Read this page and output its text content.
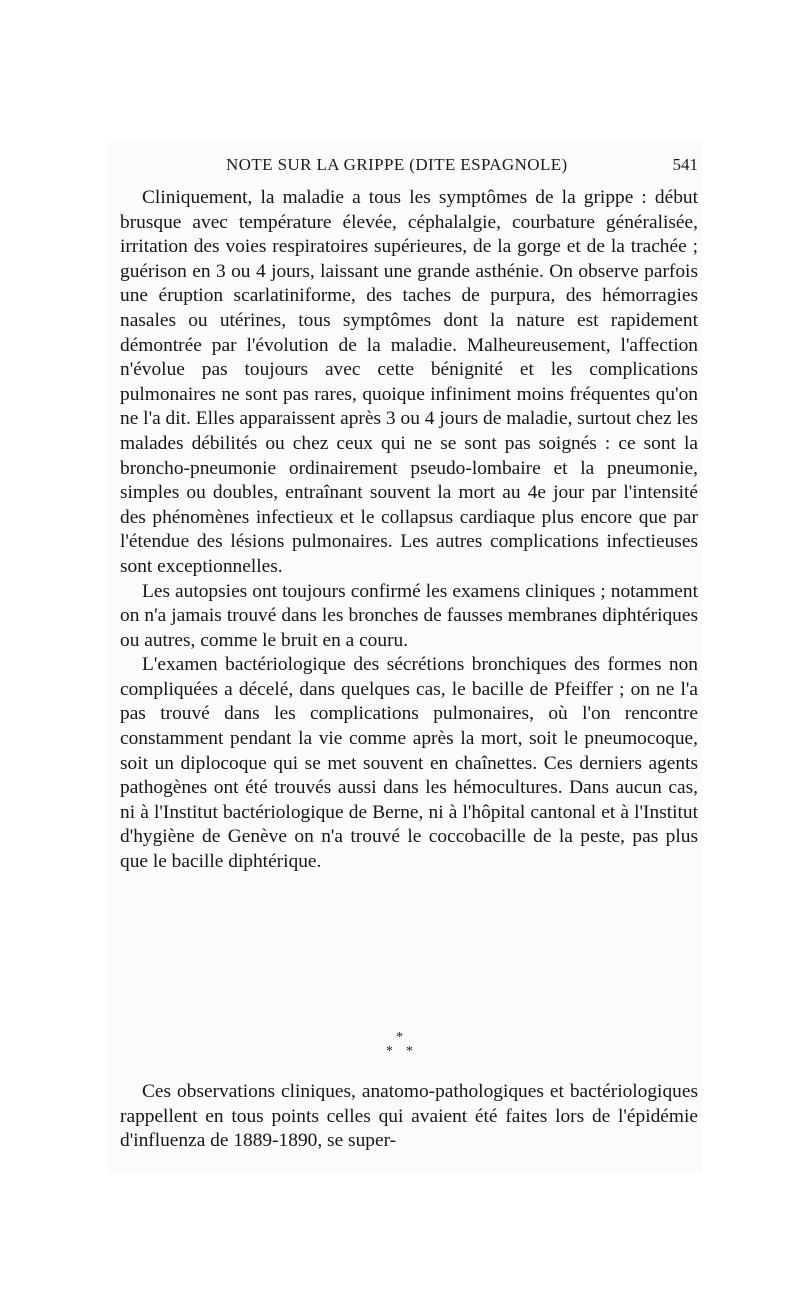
NOTE SUR LA GRIPPE (DITE ESPAGNOLE)	541

Cliniquement, la maladie a tous les symptômes de la grippe : début brusque avec température élevée, céphalalgie, courbature généralisée, irritation des voies respiratoires supérieures, de la gorge et de la trachée ; guérison en 3 ou 4 jours, laissant une grande asthénie. On observe parfois une éruption scarlatiniforme, des taches de purpura, des hémorragies nasales ou utérines, tous symptômes dont la nature est rapidement démontrée par l'évolution de la maladie. Malheureusement, l'affection n'évolue pas toujours avec cette bénignité et les complications pulmonaires ne sont pas rares, quoique infiniment moins fréquentes qu'on ne l'a dit. Elles apparaissent après 3 ou 4 jours de maladie, surtout chez les malades débilités ou chez ceux qui ne se sont pas soignés : ce sont la broncho-pneumonie ordinairement pseudo-lombaire et la pneumonie, simples ou doubles, entraînant souvent la mort au 4e jour par l'intensité des phénomènes infectieux et le collapsus cardiaque plus encore que par l'étendue des lésions pulmonaires. Les autres complications infectieuses sont exceptionnelles.

Les autopsies ont toujours confirmé les examens cliniques ; notamment on n'a jamais trouvé dans les bronches de fausses membranes diphtériques ou autres, comme le bruit en a couru.

L'examen bactériologique des sécrétions bronchiques des formes non compliquées a décelé, dans quelques cas, le bacille de Pfeiffer ; on ne l'a pas trouvé dans les complications pulmonaires, où l'on rencontre constamment pendant la vie comme après la mort, soit le pneumocoque, soit un diplocoque qui se met souvent en chaînettes. Ces derniers agents pathogènes ont été trouvés aussi dans les hémocultures. Dans aucun cas, ni à l'Institut bactériologique de Berne, ni à l'hôpital cantonal et à l'Institut d'hygiène de Genève on n'a trouvé le coccobacille de la peste, pas plus que le bacille diphtérique.

*
* *

Ces observations cliniques, anatomo-pathologiques et bactériologiques rappellent en tous points celles qui avaient été faites lors de l'épidémie d'influenza de 1889-1890, se super-
